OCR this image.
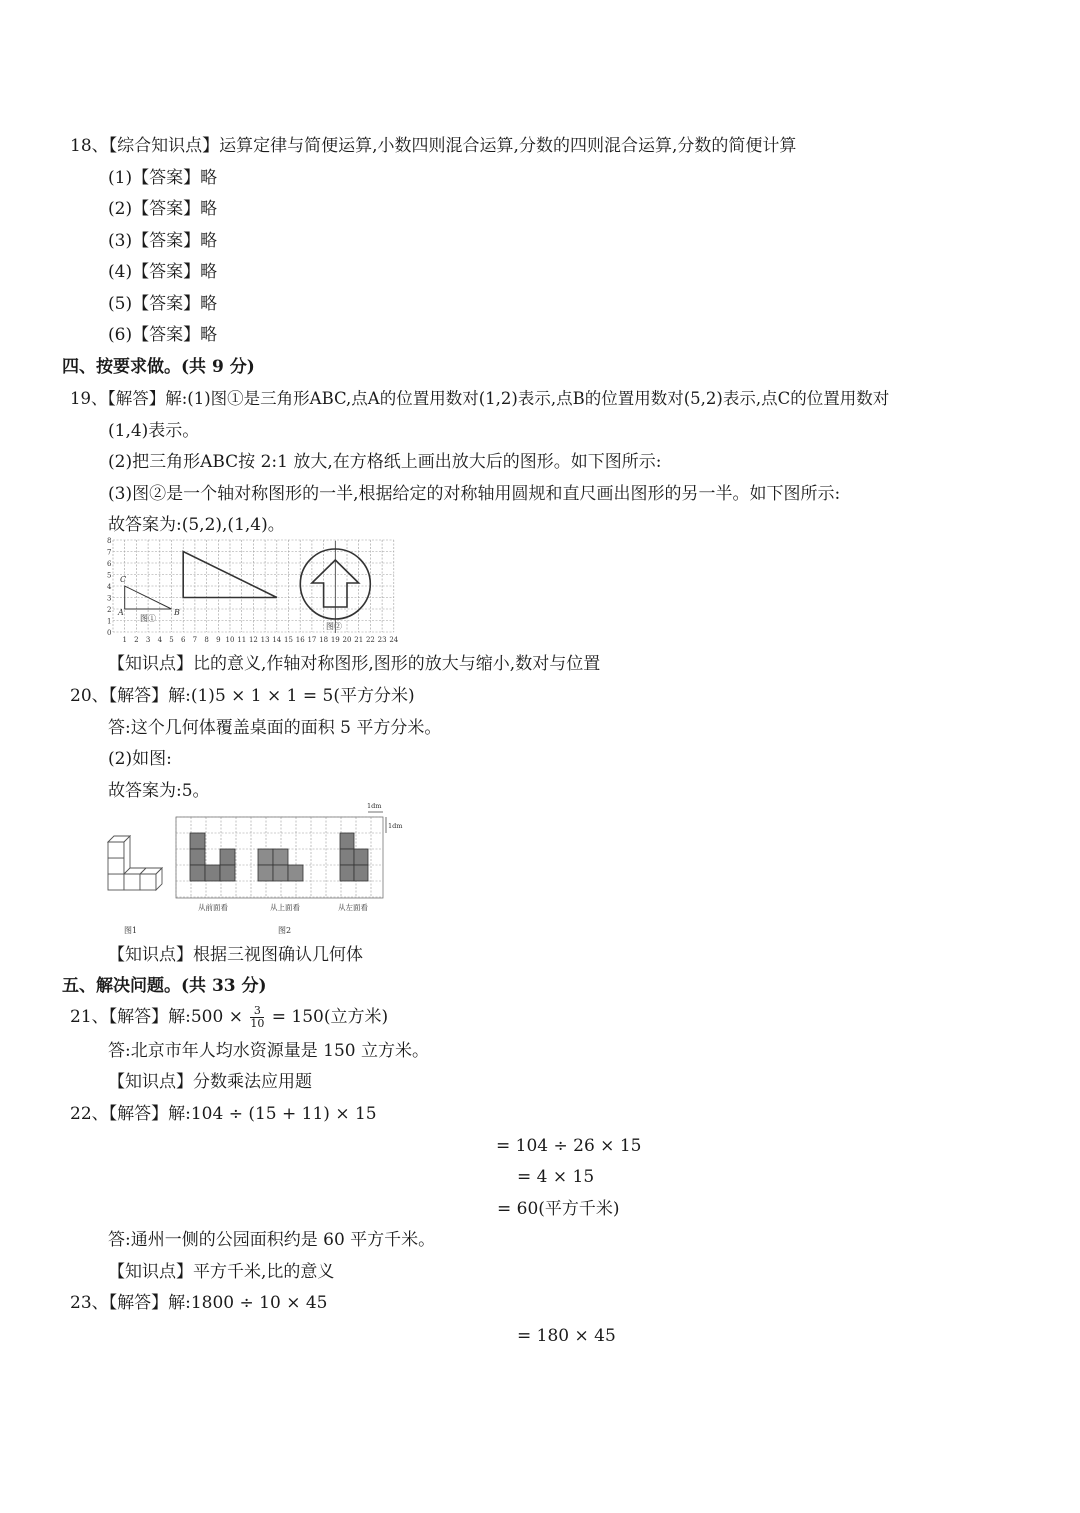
18、【综合知识点】运算定律与简便运算,小数四则混合运算,分数的四则混合运算,分数的简便计算
(1)【答案】略
(2)【答案】略
(3)【答案】略
(4)【答案】略
(5)【答案】略
(6)【答案】略
四、按要求做。(共 9 分)
19、【解答】解:(1)图①是三角形ABC,点A的位置用数对(1,2)表示,点B的位置用数对(5,2)表示,点C的位置用数对
(1,4)表示。
(2)把三角形ABC按 2:1 放大,在方格纸上画出放大后的图形。如下图所示:
(3)图②是一个轴对称图形的一半,根据给定的对称轴用圆规和直尺画出图形的另一半。如下图所示:
故答案为:(5,2),(1,4)。
0
1
2
3
4
5
6
7
8
1 2 3 4 5 6 7 8 9 10 11 12 13 14 15 16 17 18 19 20 21 22 23 24
A	B
C
图①
图②
【知识点】比的意义,作轴对称图形,图形的放大与缩小,数对与位置
20、【解答】解:(1)5 × 1 × 1 = 5(平方分米)
答:这个几何体覆盖桌面的面积 5 平方分米。
(2)如图:
故答案为:5。
图1
1dm
1dm
从前面看	从上面看	从左面看
图2
【知识点】根据三视图确认几何体
五、解决问题。(共 33 分)
21、【解答】解:500 × $\frac{3}{10} = 150$(立方米)
答:北京市年人均水资源量是 150 立方米。
【知识点】分数乘法应用题
22、【解答】解:104 ÷ (15 + 11) × 15
= 104 ÷ 26 × 15
= 4 × 15
= 60(平方千米)
答:通州一侧的公园面积约是 60 平方千米。
【知识点】平方千米,比的意义
23、【解答】解:1800 ÷ 10 × 45
= 180 × 45
